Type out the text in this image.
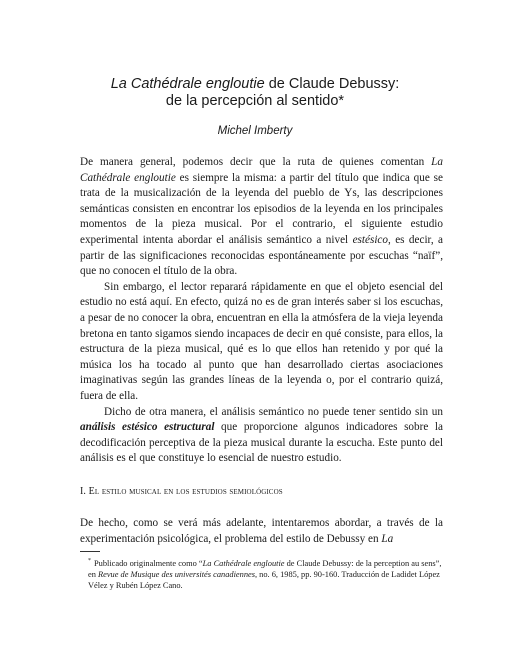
La Cathédrale engloutie de Claude Debussy:
de la percepción al sentido*
Michel Imberty

De manera general, podemos decir que la ruta de quienes comentan La Cathédrale engloutie es siempre la misma: a partir del título que indica que se trata de la musicalización de la leyenda del pueblo de Ys, las descripciones semánticas consisten en encontrar los episodios de la leyenda en los principales momentos de la pieza musical. Por el contrario, el siguiente estudio experimental intenta abordar el análisis semántico a nivel estésico, es decir, a partir de las significaciones reconocidas espontáneamente por escuchas “naïf”, que no conocen el título de la obra.

Sin embargo, el lector reparará rápidamente en que el objeto esencial del estudio no está aquí. En efecto, quizá no es de gran interés saber si los escuchas, a pesar de no conocer la obra, encuentran en ella la atmósfera de la vieja leyenda bretona en tanto sigamos siendo incapaces de decir en qué consiste, para ellos, la estructura de la pieza musical, qué es lo que ellos han retenido y por qué la música los ha tocado al punto que han desarrollado ciertas asociaciones imaginativas según las grandes líneas de la leyenda o, por el contrario quizá, fuera de ella.

Dicho de otra manera, el análisis semántico no puede tener sentido sin un análisis estésico estructural que proporcione algunos indicadores sobre la decodificación perceptiva de la pieza musical durante la escucha. Este punto del análisis es el que constituye lo esencial de nuestro estudio.

I. El estilo musical en los estudios semiológicos

De hecho, como se verá más adelante, intentaremos abordar, a través de la experimentación psicológica, el problema del estilo de Debussy en La

* Publicado originalmente como “La Cathédrale engloutie de Claude Debussy: de la perception au sens”, en Revue de Musique des universités canadiennes, no. 6, 1985, pp. 90-160. Traducción de Ladidet López Vélez y Rubén López Cano.
